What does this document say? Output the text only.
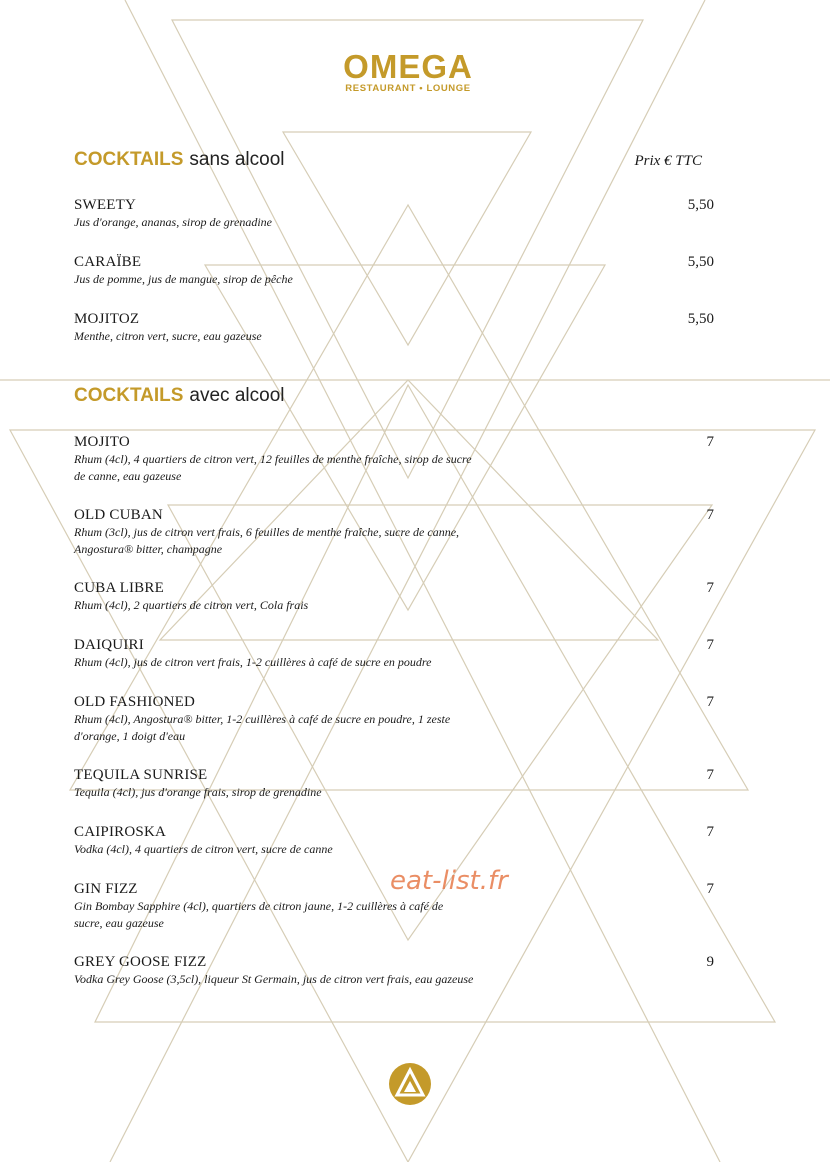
OMEGA
RESTAURANT • LOUNGE
COCKTAILS sans alcool	Prix € TTC
SWEETY
Jus d'orange, ananas, sirop de grenadine
5,50
CARAÏBE
Jus de pomme, jus de mangue, sirop de pêche
5,50
MOJITOZ
Menthe, citron vert, sucre, eau gazeuse
5,50
COCKTAILS avec alcool
MOJITO
Rhum (4cl), 4 quartiers de citron vert, 12 feuilles de menthe fraîche, sirop de sucre de canne, eau gazeuse
7
OLD CUBAN
Rhum (3cl), jus de citron vert frais, 6 feuilles de menthe fraîche, sucre de canne, Angostura® bitter, champagne
7
CUBA LIBRE
Rhum (4cl), 2 quartiers de citron vert, Cola frais
7
DAIQUIRI
Rhum (4cl), jus de citron vert frais, 1-2 cuillères à café de sucre en poudre
7
OLD FASHIONED
Rhum (4cl), Angostura® bitter, 1-2 cuillères à café de sucre en poudre, 1 zeste d'orange, 1 doigt d'eau
7
TEQUILA SUNRISE
Tequila (4cl), jus d'orange frais, sirop de grenadine
7
CAIPIROSKA
Vodka (4cl), 4 quartiers de citron vert, sucre de canne
7
GIN FIZZ
Gin Bombay Sapphire (4cl), quartiers de citron jaune, 1-2 cuillères à café de sucre, eau gazeuse
7
GREY GOOSE FIZZ
Vodka Grey Goose (3,5cl), liqueur St Germain, jus de citron vert frais, eau gazeuse
9
eat-list.fr
